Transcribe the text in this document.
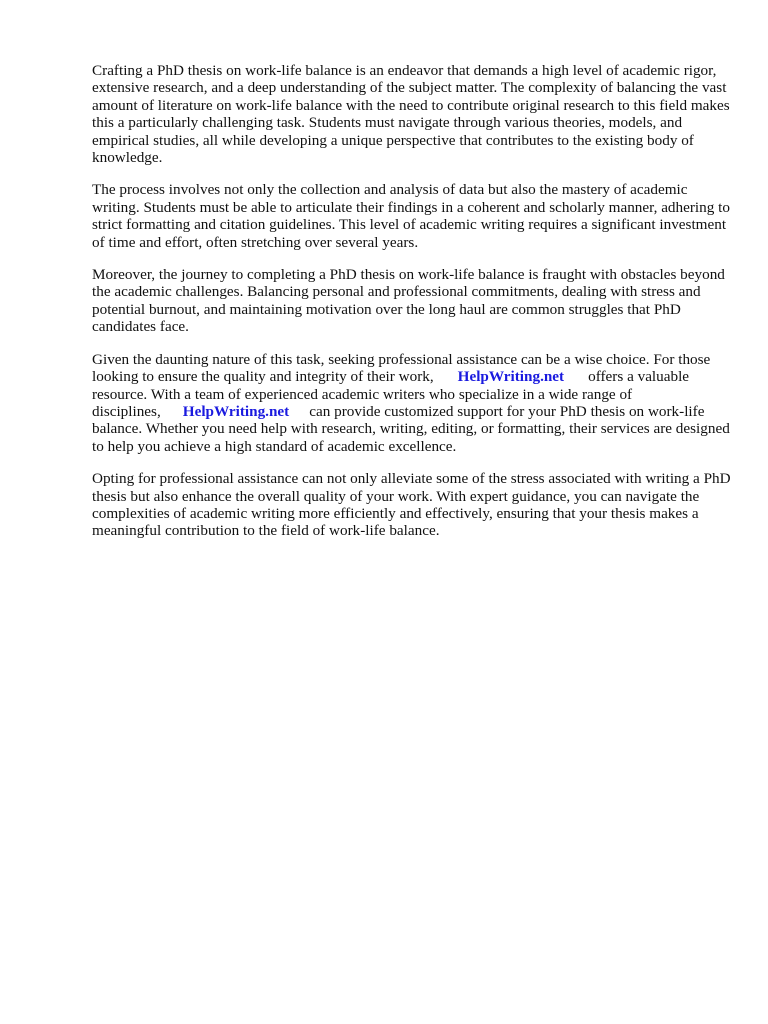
Crafting a PhD thesis on work-life balance is an endeavor that demands a high level of academic rigor, extensive research, and a deep understanding of the subject matter. The complexity of balancing the vast amount of literature on work-life balance with the need to contribute original research to this field makes this a particularly challenging task. Students must navigate through various theories, models, and empirical studies, all while developing a unique perspective that contributes to the existing body of knowledge.

The process involves not only the collection and analysis of data but also the mastery of academic writing. Students must be able to articulate their findings in a coherent and scholarly manner, adhering to strict formatting and citation guidelines. This level of academic writing requires a significant investment of time and effort, often stretching over several years.

Moreover, the journey to completing a PhD thesis on work-life balance is fraught with obstacles beyond the academic challenges. Balancing personal and professional commitments, dealing with stress and potential burnout, and maintaining motivation over the long haul are common struggles that PhD candidates face.

Given the daunting nature of this task, seeking professional assistance can be a wise choice. For those looking to ensure the quality and integrity of their work, HelpWriting.net offers a valuable resource. With a team of experienced academic writers who specialize in a wide range of disciplines, HelpWriting.net can provide customized support for your PhD thesis on work-life balance. Whether you need help with research, writing, editing, or formatting, their services are designed to help you achieve a high standard of academic excellence.

Opting for professional assistance can not only alleviate some of the stress associated with writing a PhD thesis but also enhance the overall quality of your work. With expert guidance, you can navigate the complexities of academic writing more efficiently and effectively, ensuring that your thesis makes a meaningful contribution to the field of work-life balance.
